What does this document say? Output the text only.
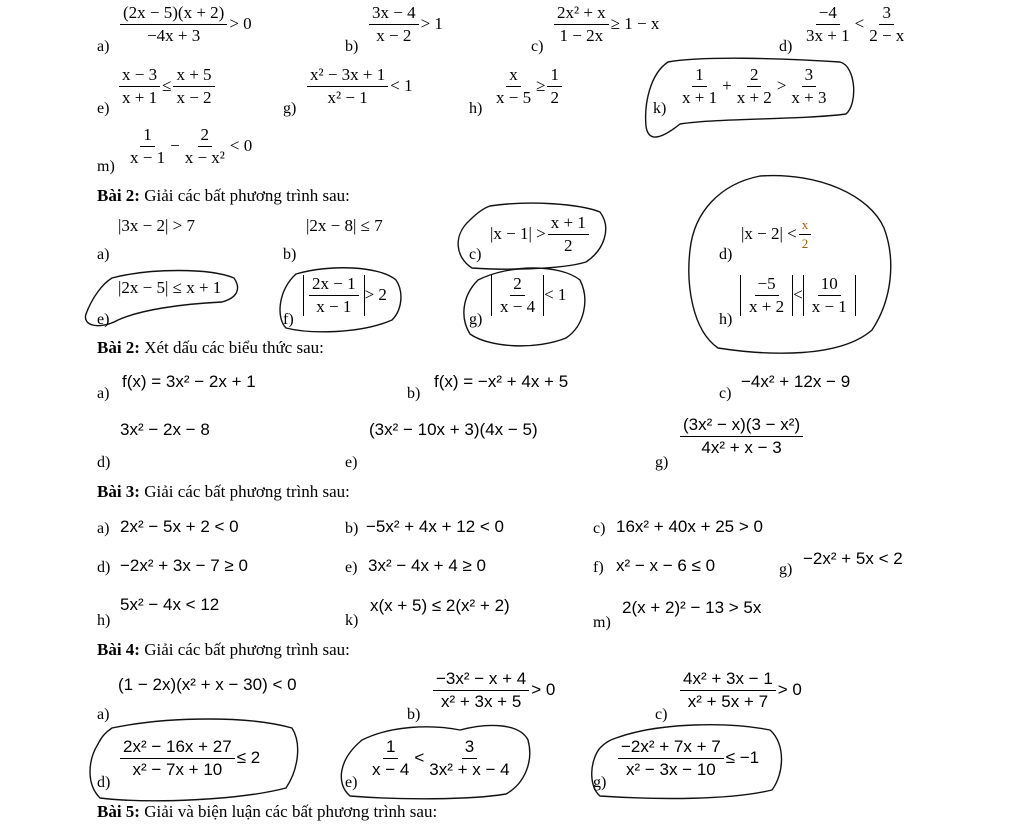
a)
$\frac{(2x - 5)(x + 2)}{-4x + 3} > 0$
b)
$\frac{3x - 4}{x - 2} > 1$
c)
$\frac{\text{2x² + x}}{1 - 2x} \ge 1 - x$
d)
$\frac{-4}{3x + 1} < \frac{3}{2 - x}$
e)
$\frac{x - 3}{x + 1} \le \frac{x + 5}{x - 2}$
g)
$\frac{\text{x² − 3x + 1}}{\text{x² − 1}} < 1$
h)
$\frac{x}{x - 5} \ge \frac{1}{2}$
k)
$\frac{1}{x + 1} + \frac{2}{x + 2} > \frac{3}{x + 3}$
$m) \frac{1}{x - 1} - \frac{2}{\text{x − x²}} < 0$
Bài 2: Giải các bất phương trình sau:
|3x − 2| > 7
a)
|2x − 8| ≤ 7
b)	c)
$|x - 1| > \frac{x + 1}{2}$	d)
$|x - 2| < \frac{x}{2}$
e)
|2x − 5| ≤ x + 1
f)
$\frac{2x - 1}{x - 1} > 2$
g)
$\frac{2}{x - 4} < 1$
h)
$\frac{-5}{x + 2} < \frac{10}{x - 1}$
Bài 2: Xét dấu các biểu thức sau:
a)
f(x) = 3x² − 2x + 1
b)
f(x) = −x² + 4x + 5
c)
−4x² + 12x − 9
3x² − 2x − 8
d)
(3x² − 10x + 3)(4x − 5)
e)	g)
$\frac{\text{(3x² − x)(3 − x²)}}{\text{4x² + x − 3}}$
Bài 3: Giải các bất phương trình sau:
a) 2x² − 5x + 2 < 0	b) −5x² + 4x + 12 < 0	c) 16x² + 40x + 25 > 0
d) −2x² + 3x − 7 ≥ 0	e) 3x² − 4x + 4 ≥ 0	f) x² − x − 6 ≤ 0	g)
−2x² + 5x < 2
5x² − 4x < 12
h)	k)
x(x + 5) ≤ 2(x² + 2)
m)
2(x + 2)² − 13 > 5x
Bài 4: Giải các bất phương trình sau:
(1 − 2x)(x² + x − 30) < 0
a)	b)
$\frac{\text{−3x² − x + 4}}{\text{x² + 3x + 5}} > 0$
c)
$\frac{\text{4x² + 3x − 1}}{\text{x² + 5x + 7}} > 0$
d)
$\frac{\text{2x² − 16x + 27}}{\text{x² − 7x + 10}} \le 2$
e)
$\frac{1}{x - 4} < \frac{3}{\text{3x² + x − 4}}$
g)
$\frac{\text{−2x² + 7x + 7}}{\text{x² − 3x − 10}} \le -1$
Bài 5: Giải và biện luận các bất phương trình sau:
